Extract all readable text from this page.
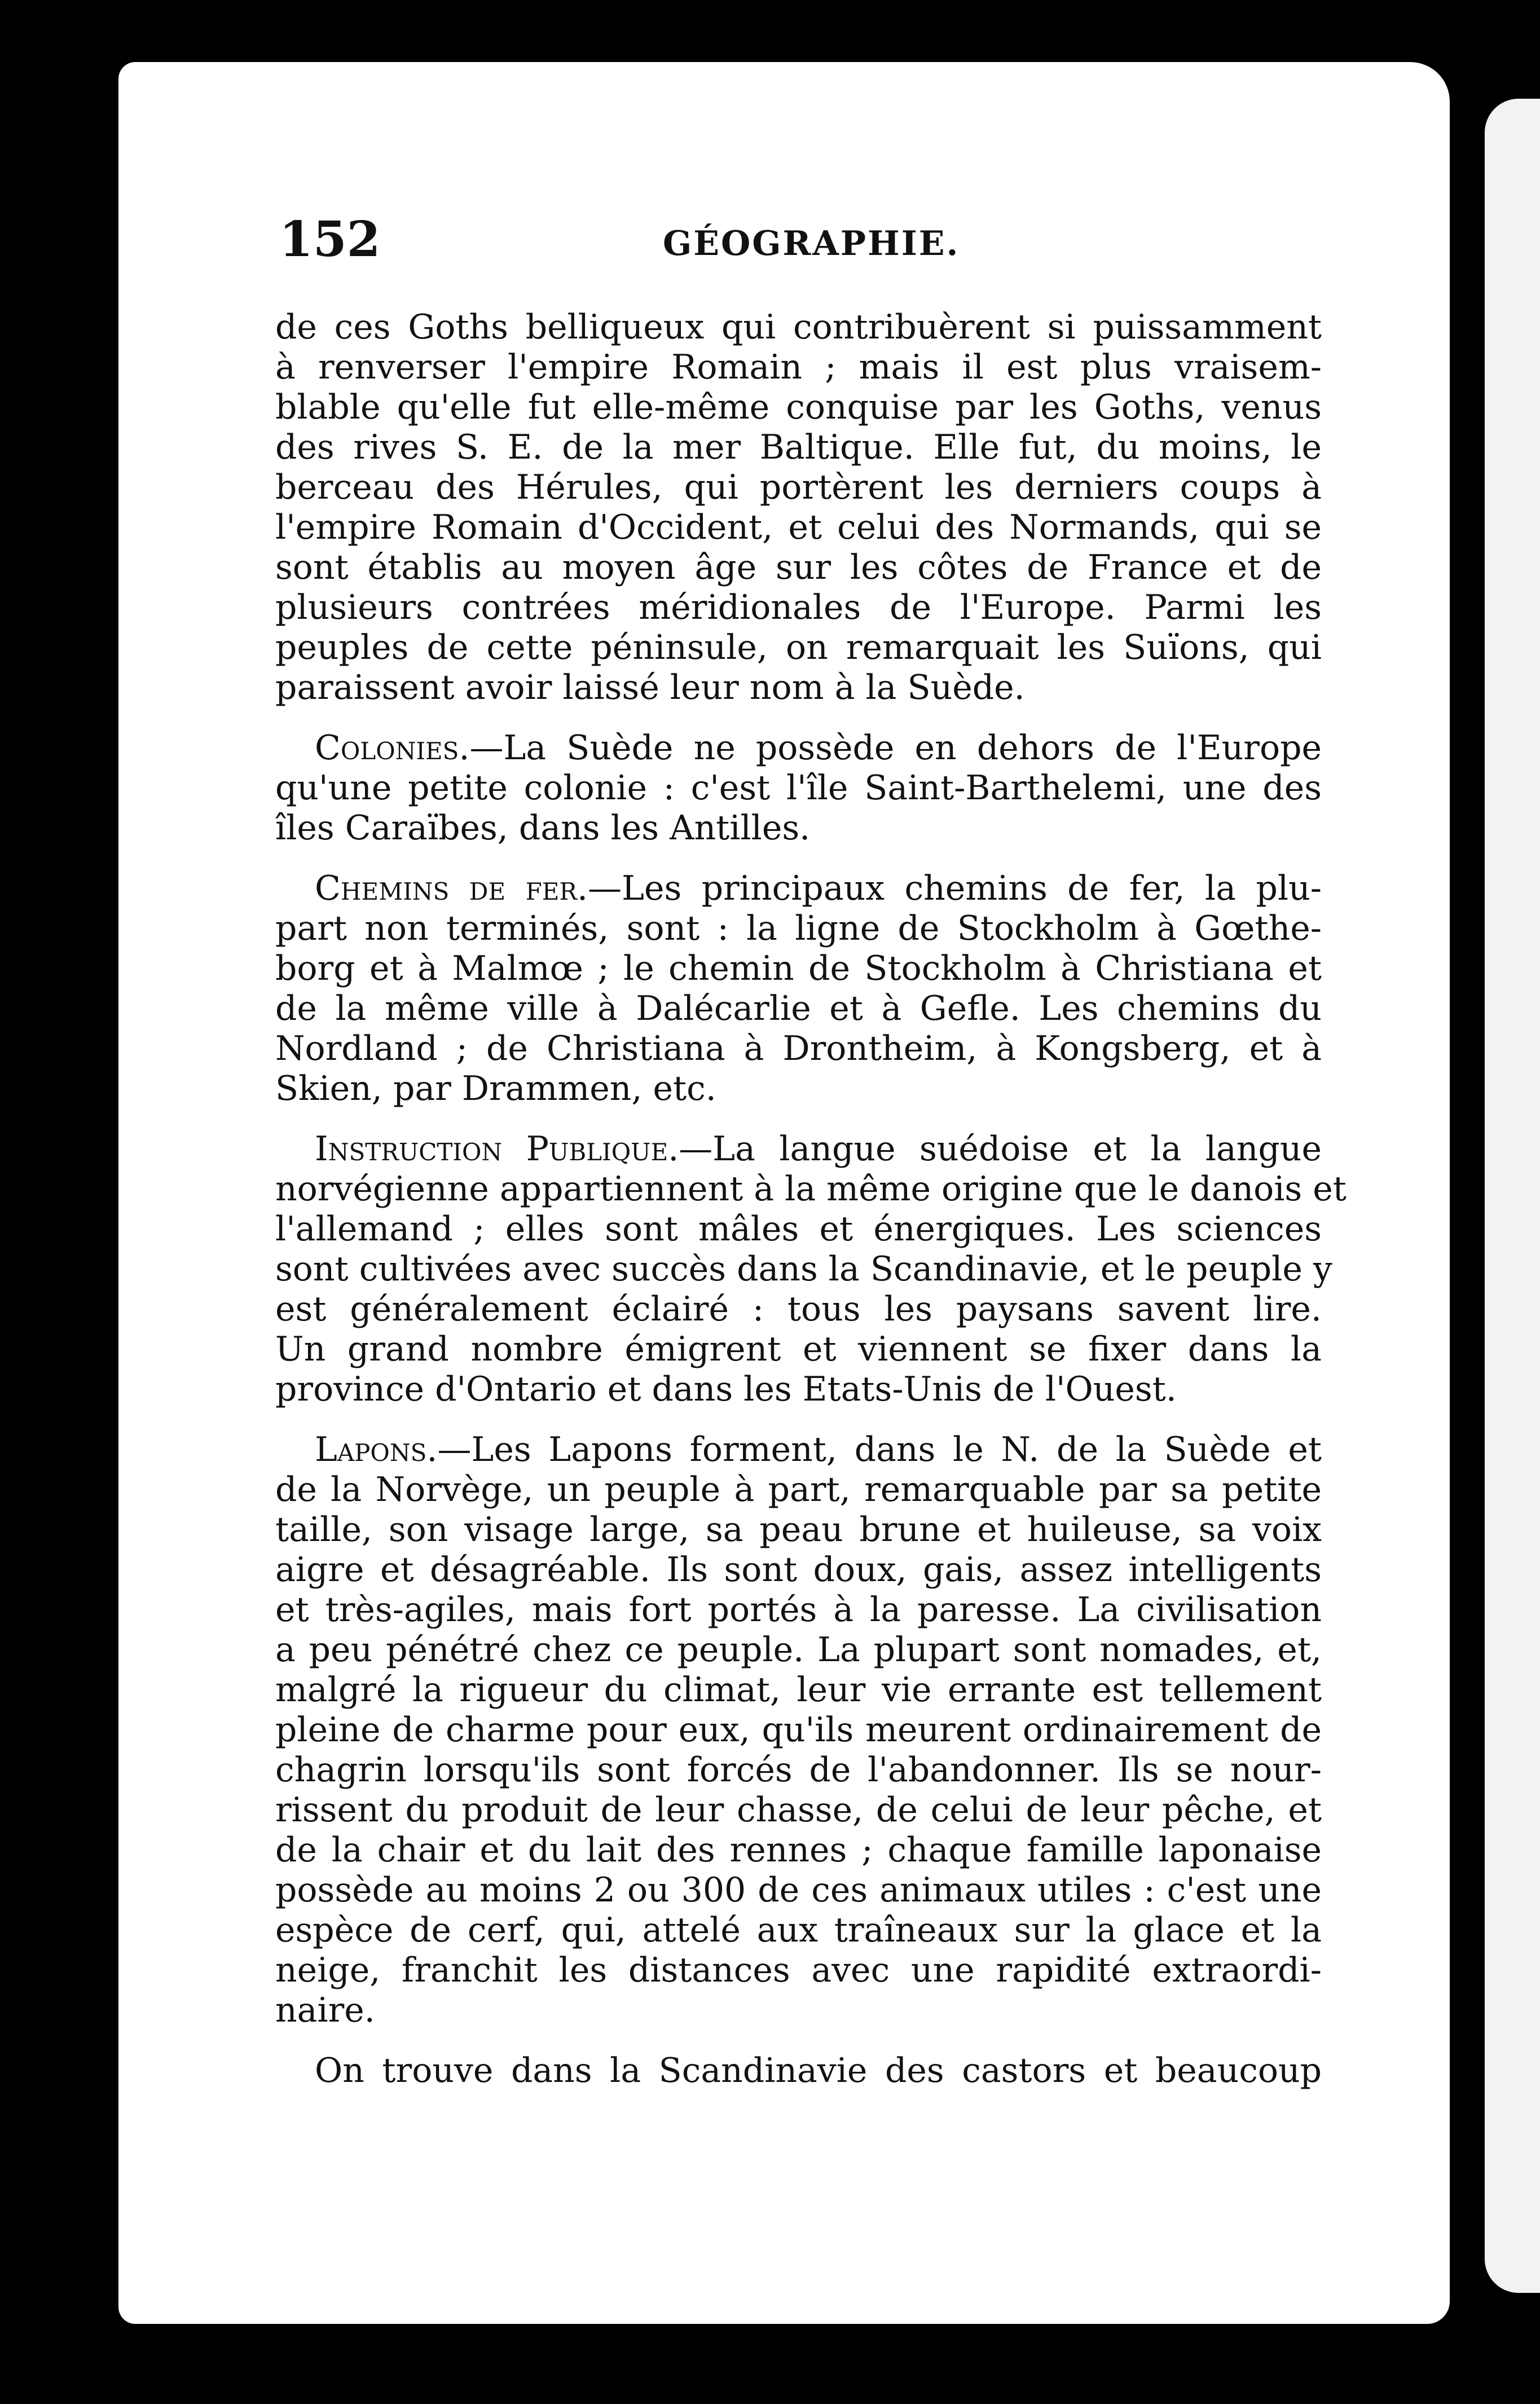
152	GÉOGRAPHIE.
de ces Goths belliqueux qui contribuèrent si puissamment
à renverser l'empire Romain ; mais il est plus vraisem-
blable qu'elle fut elle-même conquise par les Goths, venus
des rives S. E. de la mer Baltique. Elle fut, du moins, le
berceau des Hérules, qui portèrent les derniers coups à
l'empire Romain d'Occident, et celui des Normands, qui se
sont établis au moyen âge sur les côtes de France et de
plusieurs contrées méridionales de l'Europe. Parmi les
peuples de cette péninsule, on remarquait les Suïons, qui
paraissent avoir laissé leur nom à la Suède.
Colonies.—La Suède ne possède en dehors de l'Europe
qu'une petite colonie : c'est l'île Saint-Barthelemi, une des
îles Caraïbes, dans les Antilles.
Chemins de fer.—Les principaux chemins de fer, la plu-
part non terminés, sont : la ligne de Stockholm à Gœthe-
borg et à Malmœ ; le chemin de Stockholm à Christiana et
de la même ville à Dalécarlie et à Gefle. Les chemins du
Nordland ; de Christiana à Drontheim, à Kongsberg, et à
Skien, par Drammen, etc.
Instruction Publique.—La langue suédoise et la langue
norvégienne appartiennent à la même origine que le danois et
l'allemand ; elles sont mâles et énergiques. Les sciences
sont cultivées avec succès dans la Scandinavie, et le peuple y
est généralement éclairé : tous les paysans savent lire.
Un grand nombre émigrent et viennent se fixer dans la
province d'Ontario et dans les Etats-Unis de l'Ouest.
Lapons.—Les Lapons forment, dans le N. de la Suède et
de la Norvège, un peuple à part, remarquable par sa petite
taille, son visage large, sa peau brune et huileuse, sa voix
aigre et désagréable. Ils sont doux, gais, assez intelligents
et très-agiles, mais fort portés à la paresse. La civilisation
a peu pénétré chez ce peuple. La plupart sont nomades, et,
malgré la rigueur du climat, leur vie errante est tellement
pleine de charme pour eux, qu'ils meurent ordinairement de
chagrin lorsqu'ils sont forcés de l'abandonner. Ils se nour-
rissent du produit de leur chasse, de celui de leur pêche, et
de la chair et du lait des rennes ; chaque famille laponaise
possède au moins 2 ou 300 de ces animaux utiles : c'est une
espèce de cerf, qui, attelé aux traîneaux sur la glace et la
neige, franchit les distances avec une rapidité extraordi-
naire.
On trouve dans la Scandinavie des castors et beaucoup
